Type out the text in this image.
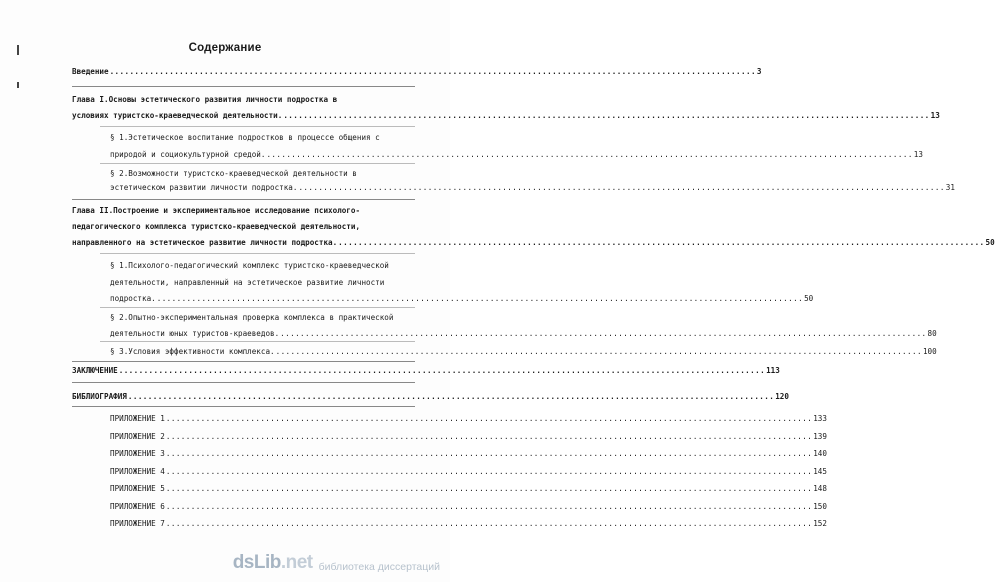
Содержание
Введение .................................................................................................................................. 3
Глава I.Основы эстетического развития личности подростка в
условиях туристско-краеведческой деятельности. .................................................................................................................................. 13
§ 1.Эстетическое воспитание подростков в процессе общения с
природой и социокультурной средой. .................................................................................................................................. 13
§ 2.Возможности туристско-краеведческой деятельности в
эстетическом развитии личности подростка. .................................................................................................................................. 31
Глава II.Построение и экспериментальное исследование психолого-
педагогического комплекса туристско-краеведческой деятельности,
направленного на эстетическое развитие личности подростка. .................................................................................................................................. 50
§ 1.Психолого-педагогический комплекс туристско-краеведческой
деятельности, направленный на эстетическое развитие личности
подростка. .................................................................................................................................. 50
§ 2.Опытно-экспериментальная проверка комплекса в практической
деятельности юных туристов-краеведов. .................................................................................................................................. 80
§ 3.Условия эффективности комплекса. .................................................................................................................................. 100
ЗАКЛЮЧЕНИЕ .................................................................................................................................. 113
БИБЛИОГРАФИЯ .................................................................................................................................. 120
ПРИЛОЖЕНИЕ 1 .................................................................................................................................. 133
ПРИЛОЖЕНИЕ 2 .................................................................................................................................. 139
ПРИЛОЖЕНИЕ 3 .................................................................................................................................. 140
ПРИЛОЖЕНИЕ 4 .................................................................................................................................. 145
ПРИЛОЖЕНИЕ 5 .................................................................................................................................. 148
ПРИЛОЖЕНИЕ 6 .................................................................................................................................. 150
ПРИЛОЖЕНИЕ 7 .................................................................................................................................. 152
dsLib.net библиотека диссертаций
